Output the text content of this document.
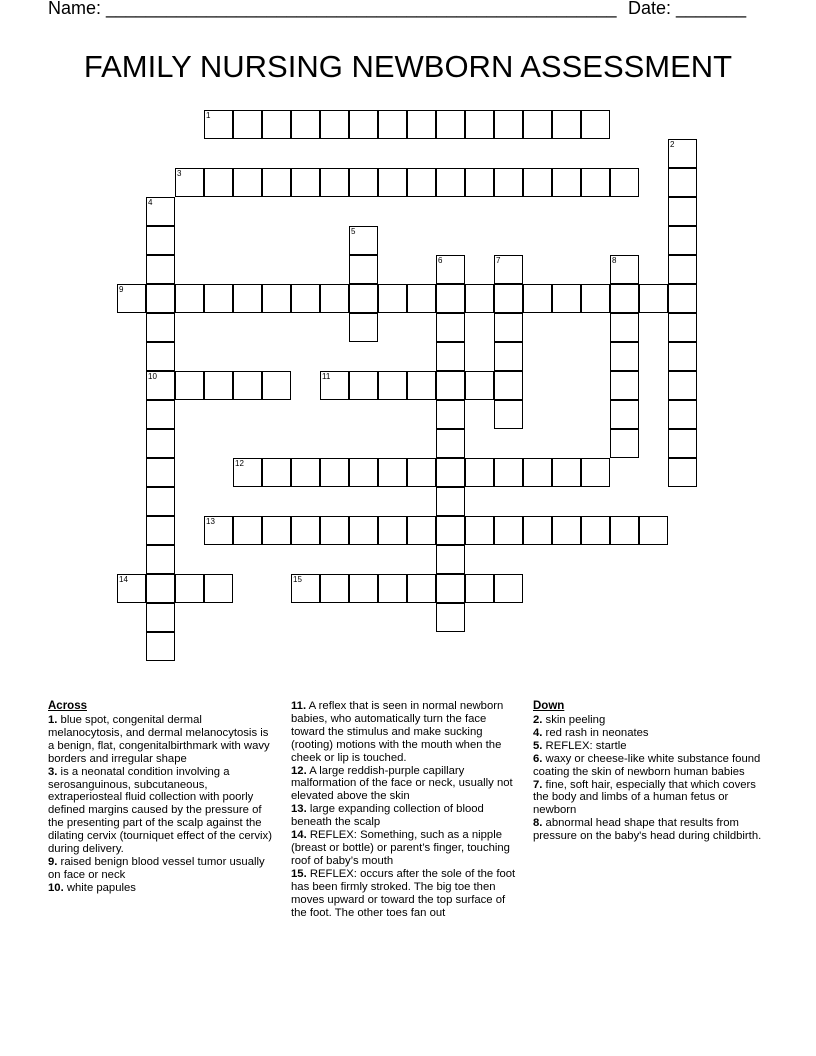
Name: ___________________________________________________ Date: _______
FAMILY NURSING NEWBORN ASSESSMENT
1
2
3
4
10
5
6	7	8
9
11
12
13
14	15
Across
1. blue spot, congenital dermal melanocytosis, and dermal melanocytosis is a benign, flat, congenitalbirthmark with wavy borders and irregular shape
3. is a neonatal condition involving a serosanguinous, subcutaneous, extraperiosteal fluid collection with poorly defined margins caused by the pressure of the presenting part of the scalp against the dilating cervix (tourniquet effect of the cervix) during delivery.
9. raised benign blood vessel tumor usually on face or neck
10. white papules
11. A reflex that is seen in normal newborn babies, who automatically turn the face toward the stimulus and make sucking (rooting) motions with the mouth when the cheek or lip is touched.
12. A large reddish-purple capillary malformation of the face or neck, usually not elevated above the skin
13. large expanding collection of blood beneath the scalp
14. REFLEX: Something, such as a nipple (breast or bottle) or parent’s finger, touching roof of baby’s mouth
15. REFLEX: occurs after the sole of the foot has been firmly stroked. The big toe then moves upward or toward the top surface of the foot. The other toes fan out
Down
2. skin peeling
4. red rash in neonates
5. REFLEX: startle
6. waxy or cheese-like white substance found coating the skin of newborn human babies
7. fine, soft hair, especially that which covers the body and limbs of a human fetus or newborn
8. abnormal head shape that results from pressure on the baby's head during childbirth.
